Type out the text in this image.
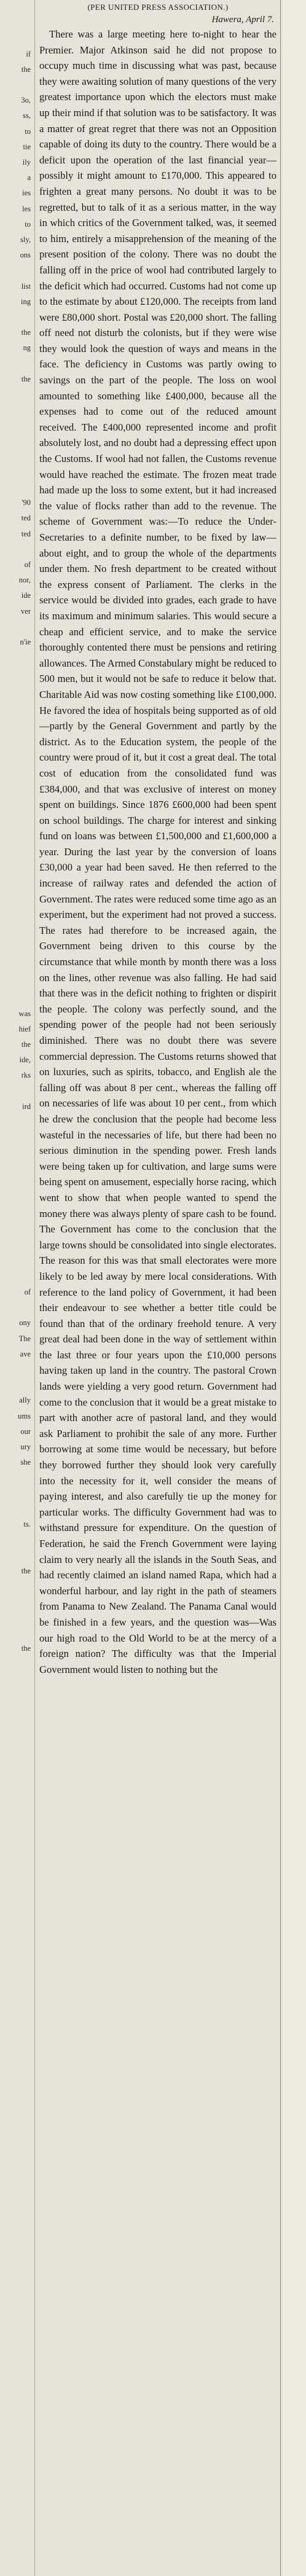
if

the

3o,

ss,

to

tie

ily

a

ies

les

to

sly,

ons

list

ing

the

ng

the

'90

ted

ted

of

nor,

ide

ver

n'ie

was

hief

the

ide,

rks

ird

of

ony

The

ave

ally

ums

our

ury

she

ts.

the

the

(PER UNITED PRESS ASSOCIATION.)

Hawera, April 7.

There was a large meeting here to-night to hear the Premier. Major Atkinson said he did not propose to occupy much time in discussing what was past, because they were awaiting solution of many questions of the very greatest importance upon which the electors must make up their mind if that solution was to be satisfactory. It was a matter of great regret that there was not an Opposition capable of doing its duty to the country. There would be a deficit upon the operation of the last financial year—possibly it might amount to £170,000. This appeared to frighten a great many persons. No doubt it was to be regretted, but to talk of it as a serious matter, in the way in which critics of the Government talked, was, it seemed to him, entirely a misapprehension of the meaning of the present position of the colony. There was no doubt the falling off in the price of wool had contributed largely to the deficit which had occurred. Customs had not come up to the estimate by about £120,000. The receipts from land were £80,000 short. Postal was £20,000 short. The falling off need not disturb the colonists, but if they were wise they would look the question of ways and means in the face. The deficiency in Customs was partly owing to savings on the part of the people. The loss on wool amounted to something like £400,000, because all the expenses had to come out of the reduced amount received. The £400,000 represented income and profit absolutely lost, and no doubt had a depressing effect upon the Customs. If wool had not fallen, the Customs revenue would have reached the estimate. The frozen meat trade had made up the loss to some extent, but it had increased the value of flocks rather than add to the revenue. The scheme of Government was:—To reduce the Under-Secretaries to a definite number, to be fixed by law—about eight, and to group the whole of the departments under them. No fresh department to be created without the express consent of Parliament. The clerks in the service would be divided into grades, each grade to have its maximum and minimum salaries. This would secure a cheap and efficient service, and to make the service thoroughly contented there must be pensions and retiring allowances. The Armed Constabulary might be reduced to 500 men, but it would not be safe to reduce it below that. Charitable Aid was now costing something like £100,000. He favored the idea of hospitals being supported as of old—partly by the General Government and partly by the district. As to the Education system, the people of the country were proud of it, but it cost a great deal. The total cost of education from the consolidated fund was £384,000, and that was exclusive of interest on money spent on buildings. Since 1876 £600,000 had been spent on school buildings. The charge for interest and sinking fund on loans was between £1,500,000 and £1,600,000 a year. During the last year by the conversion of loans £30,000 a year had been saved. He then referred to the increase of railway rates and defended the action of Government. The rates were reduced some time ago as an experiment, but the experiment had not proved a success. The rates had therefore to be increased again, the Government being driven to this course by the circumstance that while month by month there was a loss on the lines, other revenue was also falling. He had said that there was in the deficit nothing to frighten or dispirit the people. The colony was perfectly sound, and the spending power of the people had not been seriously diminished. There was no doubt there was severe commercial depression. The Customs returns showed that on luxuries, such as spirits, tobacco, and English ale the falling off was about 8 per cent., whereas the falling off on necessaries of life was about 10 per cent., from which he drew the conclusion that the people had become less wasteful in the necessaries of life, but there had been no serious diminution in the spending power. Fresh lands were being taken up for cultivation, and large sums were being spent on amusement, especially horse racing, which went to show that when people wanted to spend the money there was always plenty of spare cash to be found. The Government has come to the conclusion that the large towns should be consolidated into single electorates. The reason for this was that small electorates were more likely to be led away by mere local considerations. With reference to the land policy of Government, it had been their endeavour to see whether a better title could be found than that of the ordinary freehold tenure. A very great deal had been done in the way of settlement within the last three or four years upon the £10,000 persons having taken up land in the country. The pastoral Crown lands were yielding a very good return. Government had come to the conclusion that it would be a great mistake to part with another acre of pastoral land, and they would ask Parliament to prohibit the sale of any more. Further borrowing at some time would be necessary, but before they borrowed further they should look very carefully into the necessity for it, well consider the means of paying interest, and also carefully tie up the money for particular works. The difficulty Government had was to withstand pressure for expenditure. On the question of Federation, he said the French Government were laying claim to very nearly all the islands in the South Seas, and had recently claimed an island named Rapa, which had a wonderful harbour, and lay right in the path of steamers from Panama to New Zealand. The Panama Canal would be finished in a few years, and the question was—Was our high road to the Old World to be at the mercy of a foreign nation? The difficulty was that the Imperial Government would listen to nothing but the
